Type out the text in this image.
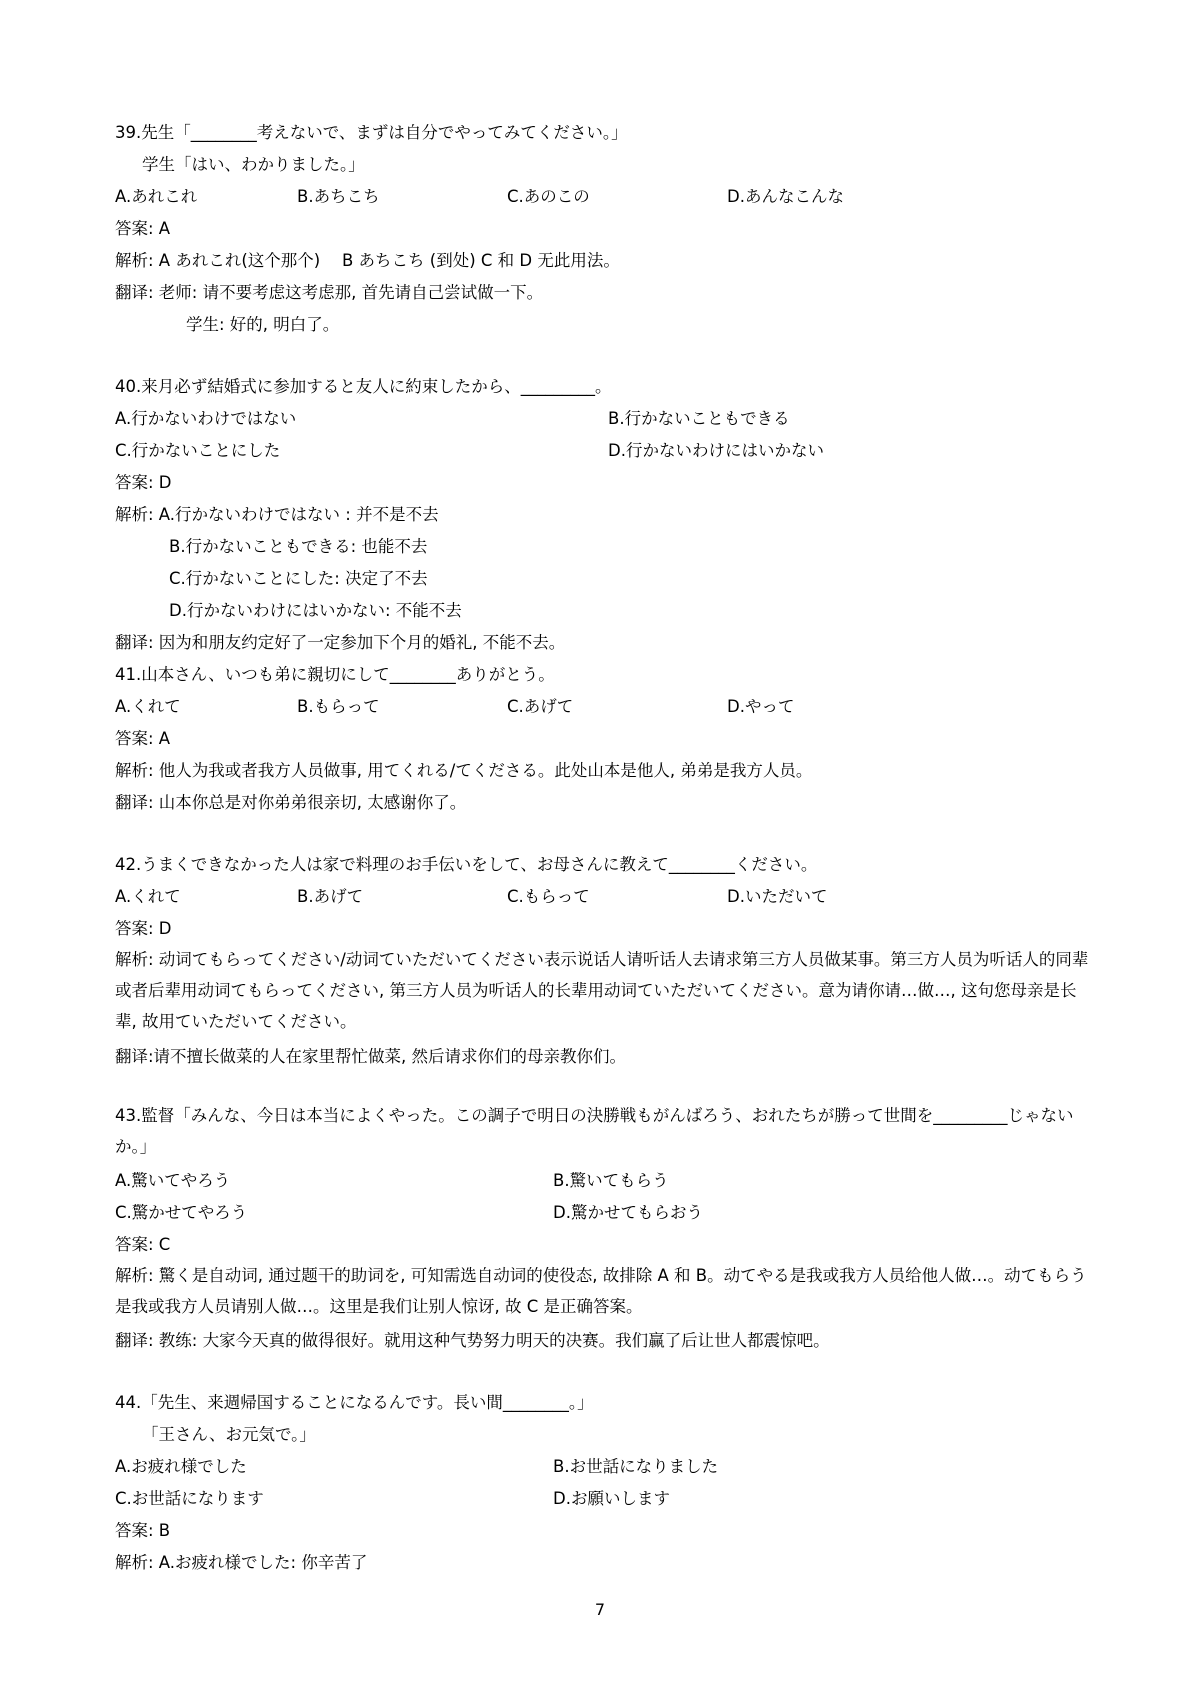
39.先生「________考えないで、まずは自分でやってみてください。」

学生「はい、わかりました。」

A.あれこれ	B.あちこち	C.あのこの	D.あんなこんな

答案: A

解析: A あれこれ(这个那个)　 B あちこち (到处) C 和 D 无此用法。

翻译: 老师: 请不要考虑这考虑那, 首先请自己尝试做一下。

学生: 好的, 明白了。

40.来月必ず結婚式に参加すると友人に約束したから、_________。

A.行かないわけではない	B.行かないこともできる
C.行かないことにした	D.行かないわけにはいかない

答案: D

解析: A.行かないわけではない : 并不是不去

B.行かないこともできる: 也能不去

C.行かないことにした: 决定了不去

D.行かないわけにはいかない: 不能不去

翻译: 因为和朋友约定好了一定参加下个月的婚礼, 不能不去。

41.山本さん、いつも弟に親切にして________ありがとう。

A.くれて	B.もらって	C.あげて	D.やって

答案: A

解析: 他人为我或者我方人员做事, 用てくれる/てくださる。此处山本是他人, 弟弟是我方人员。

翻译: 山本你总是对你弟弟很亲切, 太感谢你了。

42.うまくできなかった人は家で料理のお手伝いをして、お母さんに教えて________ください。

A.くれて	B.あげて	C.もらって	D.いただいて

答案: D

解析: 动词てもらってください/动词ていただいてください表示说话人请听话人去请求第三方人员做某事。第三方人员为听话人的同辈或者后辈用动词てもらってください, 第三方人员为听话人的长辈用动词ていただいてください。意为请你请…做…, 这句您母亲是长辈, 故用ていただいてください。

翻译:请不擅长做菜的人在家里帮忙做菜, 然后请求你们的母亲教你们。

43.監督「みんな、今日は本当によくやった。この調子で明日の決勝戦もがんばろう、おれたちが勝って世間を_________じゃないか。」

A.驚いてやろう	B.驚いてもらう
C.驚かせてやろう	D.驚かせてもらおう

答案: C

解析: 驚く是自动词, 通过题干的助词を, 可知需选自动词的使役态, 故排除 A 和 B。动てやる是我或我方人员给他人做…。动てもらう是我或我方人员请别人做…。这里是我们让别人惊讶, 故 C 是正确答案。

翻译: 教练: 大家今天真的做得很好。就用这种气势努力明天的决赛。我们赢了后让世人都震惊吧。

44.「先生、来週帰国することになるんです。長い間________。」

「王さん、お元気で。」

A.お疲れ様でした	B.お世話になりました
C.お世話になります	D.お願いします

答案: B

解析: A.お疲れ様でした: 你辛苦了

7
